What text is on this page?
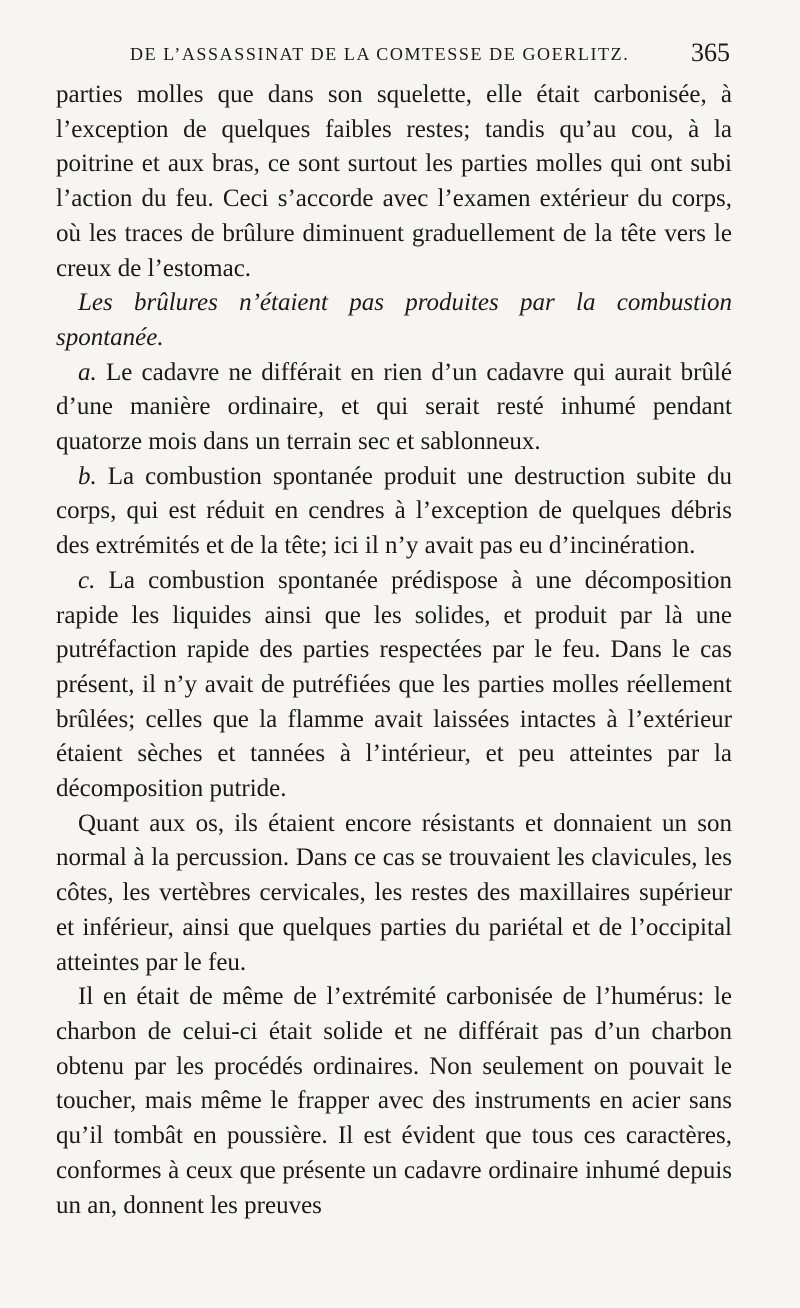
DE L’ASSASSINAT DE LA COMTESSE DE GOERLITZ. 365

parties molles que dans son squelette, elle était carbonisée, à l’exception de quelques faibles restes; tandis qu’au cou, à la poitrine et aux bras, ce sont surtout les parties molles qui ont subi l’action du feu. Ceci s’accorde avec l’examen extérieur du corps, où les traces de brûlure diminuent graduellement de la tête vers le creux de l’estomac.

Les brûlures n’étaient pas produites par la combustion spontanée.

a. Le cadavre ne différait en rien d’un cadavre qui aurait brûlé d’une manière ordinaire, et qui serait resté inhumé pendant quatorze mois dans un terrain sec et sablonneux.

b. La combustion spontanée produit une destruction subite du corps, qui est réduit en cendres à l’exception de quelques débris des extrémités et de la tête; ici il n’y avait pas eu d’incinération.

c. La combustion spontanée prédispose à une décomposition rapide les liquides ainsi que les solides, et produit par là une putréfaction rapide des parties respectées par le feu. Dans le cas présent, il n’y avait de putréfiées que les parties molles réellement brûlées; celles que la flamme avait laissées intactes à l’extérieur étaient sèches et tannées à l’intérieur, et peu atteintes par la décomposition putride.

Quant aux os, ils étaient encore résistants et donnaient un son normal à la percussion. Dans ce cas se trouvaient les clavicules, les côtes, les vertèbres cervicales, les restes des maxillaires supérieur et inférieur, ainsi que quelques parties du pariétal et de l’occipital atteintes par le feu.

Il en était de même de l’extrémité carbonisée de l’humérus: le charbon de celui-ci était solide et ne différait pas d’un charbon obtenu par les procédés ordinaires. Non seulement on pouvait le toucher, mais même le frapper avec des instruments en acier sans qu’il tombât en poussière. Il est évident que tous ces caractères, conformes à ceux que présente un cadavre ordinaire inhumé depuis un an, donnent les preuves
